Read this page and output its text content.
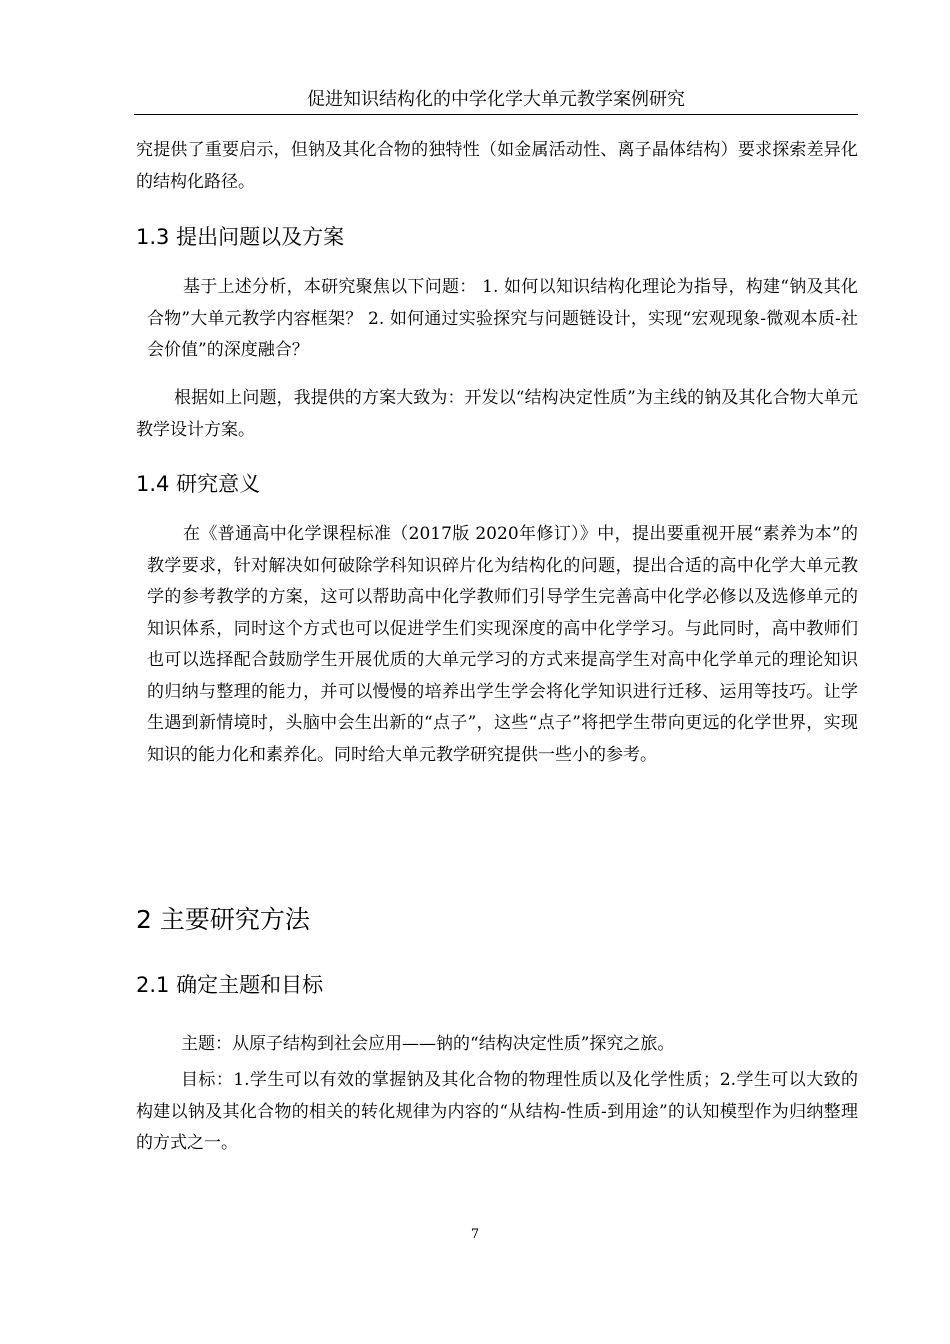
促进知识结构化的中学化学大单元教学案例研究

究提供了重要启示，但钠及其化合物的独特性（如金属活动性、离子晶体结构）要求探索差异化的结构化路径。

1.3 提出问题以及方案

基于上述分析，本研究聚焦以下问题： 1. 如何以知识结构化理论为指导，构建“钠及其化合物”大单元教学内容框架？ 2. 如何通过实验探究与问题链设计，实现“宏观现象-微观本质-社会价值”的深度融合？

根据如上问题，我提供的方案大致为：开发以“结构决定性质”为主线的钠及其化合物大单元教学设计方案。

1.4 研究意义

在《普通高中化学课程标准（2017版 2020年修订）》中，提出要重视开展“素养为本”的教学要求，针对解决如何破除学科知识碎片化为结构化的问题，提出合适的高中化学大单元教学的参考教学的方案，这可以帮助高中化学教师们引导学生完善高中化学必修以及选修单元的知识体系，同时这个方式也可以促进学生们实现深度的高中化学学习。与此同时，高中教师们也可以选择配合鼓励学生开展优质的大单元学习的方式来提高学生对高中化学单元的理论知识的归纳与整理的能力，并可以慢慢的培养出学生学会将化学知识进行迁移、运用等技巧。让学生遇到新情境时，头脑中会生出新的“点子”，这些“点子”将把学生带向更远的化学世界，实现知识的能力化和素养化。同时给大单元教学研究提供一些小的参考。

2 主要研究方法
2.1 确定主题和目标

主题：从原子结构到社会应用——钠的“结构决定性质”探究之旅。

目标：1.学生可以有效的掌握钠及其化合物的物理性质以及化学性质；2.学生可以大致的构建以钠及其化合物的相关的转化规律为内容的“从结构-性质-到用途”的认知模型作为归纳整理的方式之一。

7
